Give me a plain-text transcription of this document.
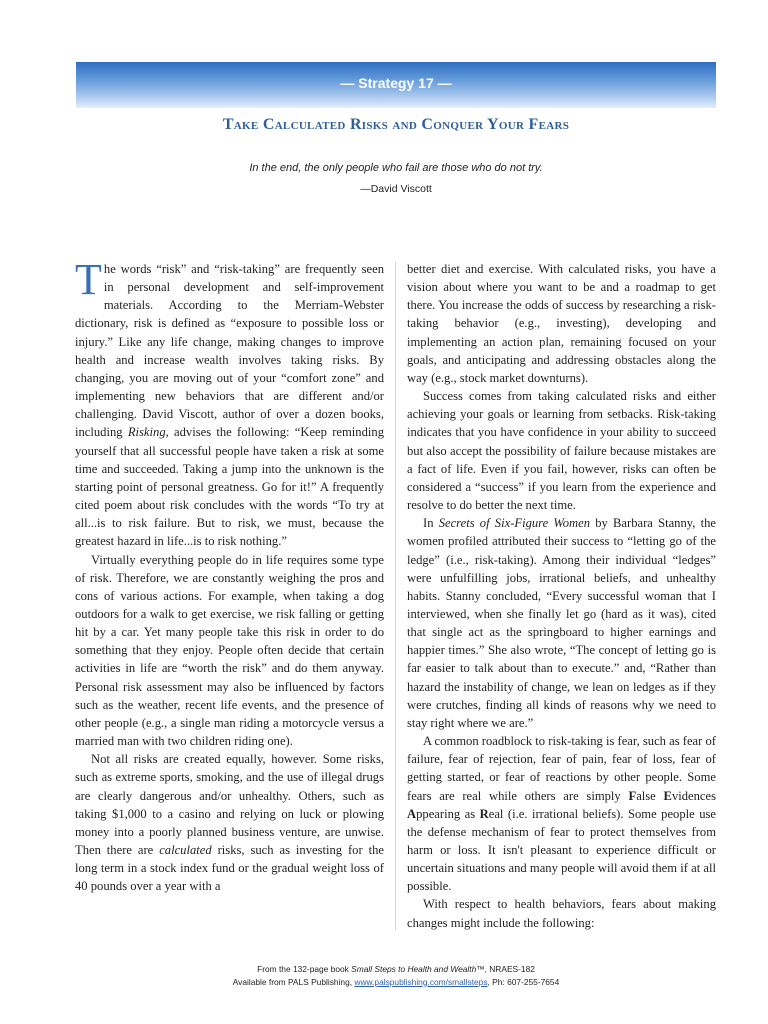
— Strategy 17 —
Take Calculated Risks and Conquer Your Fears
In the end, the only people who fail are those who do not try.
—David Viscott

The words “risk” and “risk-taking” are frequently seen in personal development and self-improvement materials. According to the Merriam-Webster dictionary, risk is defined as “exposure to possible loss or injury.” Like any life change, making changes to improve health and increase wealth involves taking risks. By changing, you are moving out of your “comfort zone” and implementing new behaviors that are different and/or challenging. David Viscott, author of over a dozen books, including Risking, advises the following: “Keep reminding yourself that all successful people have taken a risk at some time and succeeded. Taking a jump into the unknown is the starting point of personal greatness. Go for it!” A frequently cited poem about risk concludes with the words “To try at all...is to risk failure. But to risk, we must, because the greatest hazard in life...is to risk nothing.”

Virtually everything people do in life requires some type of risk. Therefore, we are constantly weighing the pros and cons of various actions. For example, when taking a dog outdoors for a walk to get exercise, we risk falling or getting hit by a car. Yet many people take this risk in order to do something that they enjoy. People often decide that certain activities in life are “worth the risk” and do them anyway. Personal risk assessment may also be influenced by factors such as the weather, recent life events, and the presence of other people (e.g., a single man riding a motorcycle versus a married man with two children riding one).

Not all risks are created equally, however. Some risks, such as extreme sports, smoking, and the use of illegal drugs are clearly dangerous and/or unhealthy. Others, such as taking $1,000 to a casino and relying on luck or plowing money into a poorly planned business venture, are unwise. Then there are calculated risks, such as investing for the long term in a stock index fund or the gradual weight loss of 40 pounds over a year with a

better diet and exercise. With calculated risks, you have a vision about where you want to be and a roadmap to get there. You increase the odds of success by researching a risk-taking behavior (e.g., investing), developing and implementing an action plan, remaining focused on your goals, and anticipating and addressing obstacles along the way (e.g., stock market downturns).

Success comes from taking calculated risks and either achieving your goals or learning from setbacks. Risk-taking indicates that you have confidence in your ability to succeed but also accept the possibility of failure because mistakes are a fact of life. Even if you fail, however, risks can often be considered a “success” if you learn from the experience and resolve to do better the next time.

In Secrets of Six-Figure Women by Barbara Stanny, the women profiled attributed their success to “letting go of the ledge” (i.e., risk-taking). Among their individual “ledges” were unfulfilling jobs, irrational beliefs, and unhealthy habits. Stanny concluded, “Every successful woman that I interviewed, when she finally let go (hard as it was), cited that single act as the springboard to higher earnings and happier times.” She also wrote, “The concept of letting go is far easier to talk about than to execute.” and, “Rather than hazard the instability of change, we lean on ledges as if they were crutches, finding all kinds of reasons why we need to stay right where we are.”

A common roadblock to risk-taking is fear, such as fear of failure, fear of rejection, fear of pain, fear of loss, fear of getting started, or fear of reactions by other people. Some fears are real while others are simply False Evidences Appearing as Real (i.e. irrational beliefs). Some people use the defense mechanism of fear to protect themselves from harm or loss. It isn't pleasant to experience difficult or uncertain situations and many people will avoid them if at all possible.

With respect to health behaviors, fears about making changes might include the following:

From the 132-page book Small Steps to Health and Wealth™, NRAES-182
Available from PALS Publishing, www.palspublishing.com/smallsteps, Ph: 607-255-7654
